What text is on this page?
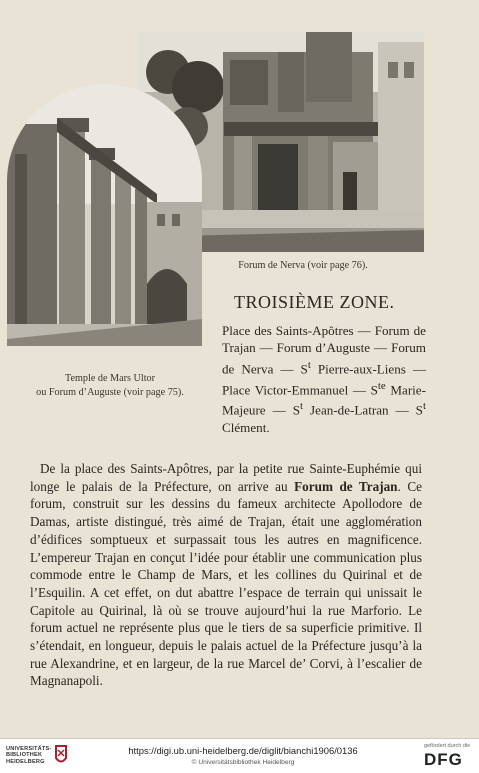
Forum de Nerva (voir page 76).
Temple de Mars Ultor
ou Forum d’Auguste (voir page 75).
TROISIÈME ZONE.
Place des Saints-Apôtres — Forum de Trajan — Forum d’Auguste — Forum de Nerva — $S^t$ Pierre-aux-Liens — Place Victor-Emmanuel — $S^{te}$ Marie-Majeure — $S^t$ Jean-de-Latran — $S^t$ Clément.
De la place des Saints-Apôtres, par la petite rue Sainte-Euphémie qui longe le palais de la Préfecture, on arrive au Forum de Trajan. Ce forum, construit sur les dessins du fameux architecte Apollodore de Damas, artiste distingué, très aimé de Trajan, était une agglomération d’édifices somptueux et surpassait tous les autres en magnificence. L’empereur Trajan en conçut l’idée pour établir une communication plus commode entre le Champ de Mars, et les collines du Quirinal et de l’Esquilin. A cet effet, on dut abattre l’espace de terrain qui unissait le Capitole au Quirinal, là où se trouve aujourd’hui la rue Marforio. Le forum actuel ne représente plus que le tiers de sa superficie primitive. Il s’étendait, en longueur, depuis le palais actuel de la Préfecture jusqu’à la rue Alexandrine, et en largeur, de la rue Marcel de’ Corvi, à l’escalier de Magnanapoli.
UNIVERSITÄTS-
BIBLIOTHEK
HEIDELBERG
https://digi.ub.uni-heidelberg.de/diglit/bianchi1906/0136
© Universitätsbibliothek Heidelberg
gefördert durch die
DFG
